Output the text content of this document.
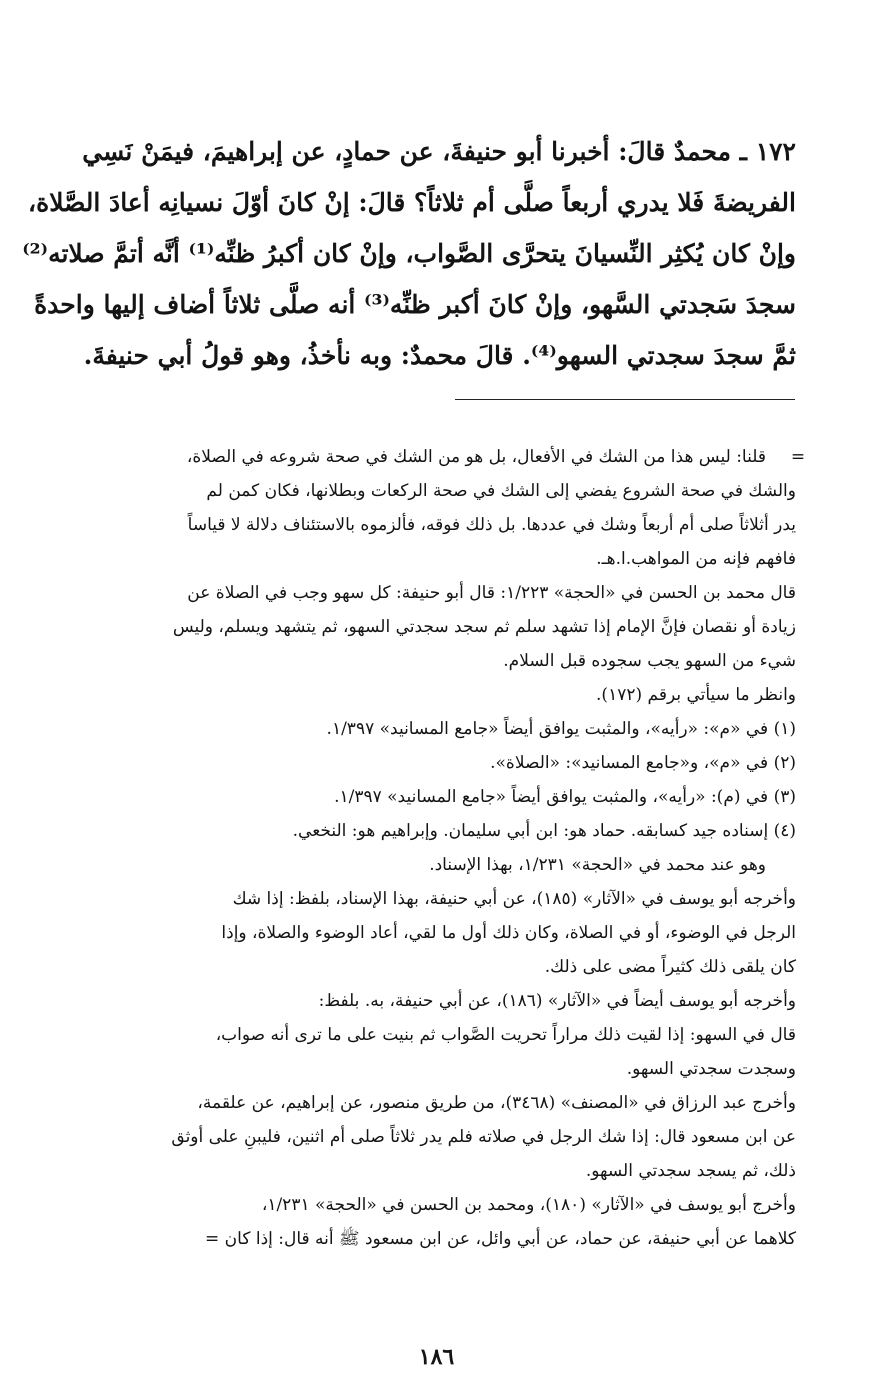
١٧٢ ـ محمدٌ قالَ: أخبرنا أبو حنيفةَ، عن حمادٍ، عن إبراهيمَ، فيمَنْ نَسِي
الفريضةَ فَلا يدري أربعاً صلَّى أم ثلاثاً؟ قالَ: إنْ كانَ أوّلَ نسيانِه أعادَ الصَّلاة،
وإنْ كان يُكثِر النِّسيانَ يتحرَّى الصَّواب، وإنْ كان أكبرُ ظنِّه⁽¹⁾ أنَّه أتمَّ صلاته⁽²⁾
سجدَ سَجدتي السَّهو، وإنْ كانَ أكبر ظنِّه⁽³⁾ أنه صلَّى ثلاثاً أضاف إليها واحدةً
ثمَّ سجدَ سجدتي السهو⁽⁴⁾. قالَ محمدٌ: وبه نأخذُ، وهو قولُ أبي حنيفةَ.
=
قلنا: ليس هذا من الشك في الأفعال، بل هو من الشك في صحة شروعه في الصلاة،
والشك في صحة الشروع يفضي إلى الشك في صحة الركعات وبطلانها، فكان كمن لم
يدر أثلاثاً صلى أم أربعاً وشك في عددها. بل ذلك فوقه، فألزموه بالاستئناف دلالة لا قياساً
فافهم فإنه من المواهب.ا.هـ.
قال محمد بن الحسن في «الحجة» ١/٢٢٣: قال أبو حنيفة: كل سهو وجب في الصلاة عن
زيادة أو نقصان فإنَّ الإمام إذا تشهد سلم ثم سجد سجدتي السهو، ثم يتشهد ويسلم، وليس
شيء من السهو يجب سجوده قبل السلام.
وانظر ما سيأتي برقم (١٧٢).
(١) في «م»: «رأيه»، والمثبت يوافق أيضاً «جامع المسانيد» ١/٣٩٧.
(٢) في «م»، و«جامع المسانيد»: «الصلاة».
(٣) في (م): «رأيه»، والمثبت يوافق أيضاً «جامع المسانيد» ١/٣٩٧.
(٤) إسناده جيد كسابقه. حماد هو: ابن أبي سليمان. وإبراهيم هو: النخعي.
وهو عند محمد في «الحجة» ١/٢٣١، بهذا الإسناد.
وأخرجه أبو يوسف في «الآثار» (١٨٥)، عن أبي حنيفة، بهذا الإسناد، بلفظ: إذا شك
الرجل في الوضوء، أو في الصلاة، وكان ذلك أول ما لقي، أعاد الوضوء والصلاة، وإذا
كان يلقى ذلك كثيراً مضى على ذلك.
وأخرجه أبو يوسف أيضاً في «الآثار» (١٨٦)، عن أبي حنيفة، به. بلفظ:
قال في السهو: إذا لقيت ذلك مراراً تحريت الصَّواب ثم بنيت على ما ترى أنه صواب،
وسجدت سجدتي السهو.
وأخرج عبد الرزاق في «المصنف» (٣٤٦٨)، من طريق منصور، عن إبراهيم، عن علقمة،
عن ابن مسعود قال: إذا شك الرجل في صلاته فلم يدر ثلاثاً صلى أم اثنين، فليبنِ على أوثق
ذلك، ثم يسجد سجدتي السهو.
وأخرج أبو يوسف في «الآثار» (١٨٠)، ومحمد بن الحسن في «الحجة» ١/٢٣١،
كلاهما عن أبي حنيفة، عن حماد، عن أبي وائل، عن ابن مسعود ﷺ أنه قال: إذا كان =
١٨٦
